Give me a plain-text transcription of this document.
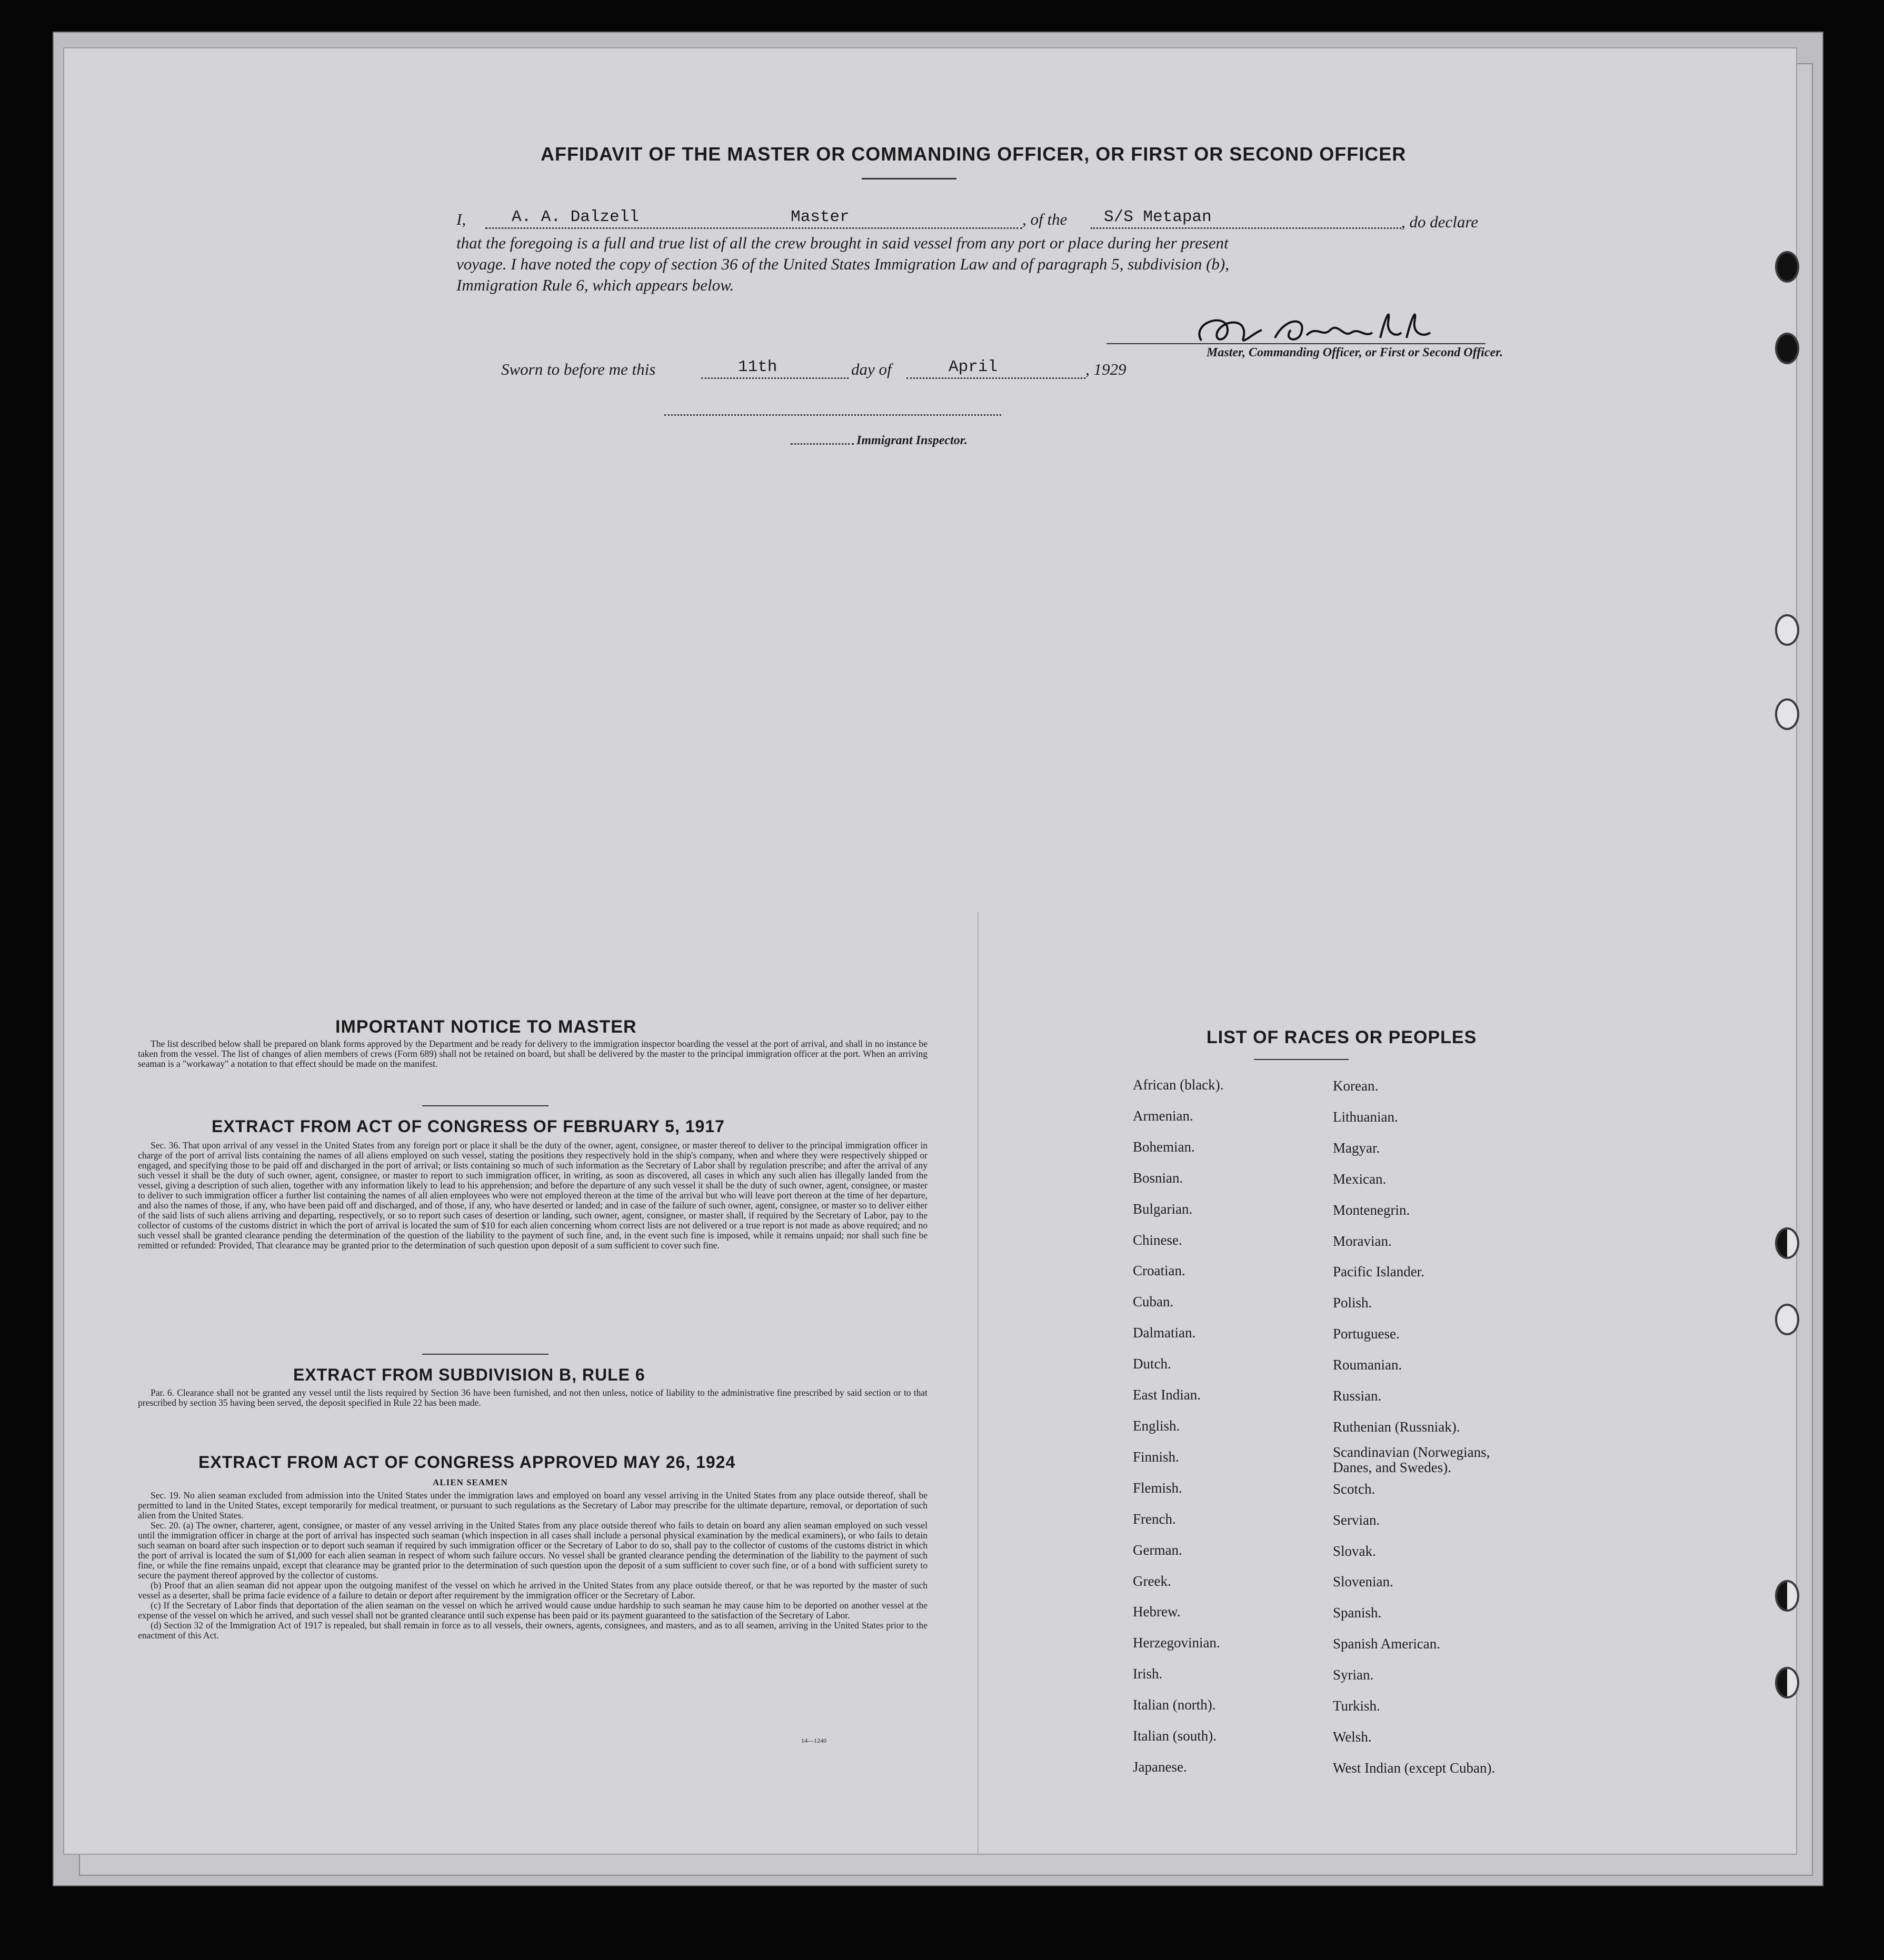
AFFIDAVIT OF THE MASTER OR COMMANDING OFFICER, OR FIRST OR SECOND OFFICER
I,	A. A. Dalzell	Master	, of the S/S Metapan	, do declare
that the foregoing is a full and true list of all the crew brought in said vessel from any port or place during her present
voyage. I have noted the copy of section 36 of the United States Immigration Law and of paragraph 5, subdivision (b),
Immigration Rule 6, which appears below.
Master, Commanding Officer, or First or Second Officer.
Sworn to before me this	11th	day of	April	, 1929
Immigrant Inspector.
IMPORTANT NOTICE TO MASTER

The list described below shall be prepared on blank forms approved by the Department and be ready for delivery to the immigration inspector boarding the vessel at the port of arrival, and shall in no instance be taken from the vessel. The list of changes of alien members of crews (Form 689) shall not be retained on board, but shall be delivered by the master to the principal immigration officer at the port. When an arriving seaman is a "workaway" a notation to that effect should be made on the manifest.

EXTRACT FROM ACT OF CONGRESS OF FEBRUARY 5, 1917

Sec. 36. That upon arrival of any vessel in the United States from any foreign port or place it shall be the duty of the owner, agent, consignee, or master thereof to deliver to the principal immigration officer in charge of the port of arrival lists containing the names of all aliens employed on such vessel, stating the positions they respectively hold in the ship's company, when and where they were respectively shipped or engaged, and specifying those to be paid off and discharged in the port of arrival; or lists containing so much of such information as the Secretary of Labor shall by regulation prescribe; and after the arrival of any such vessel it shall be the duty of such owner, agent, consignee, or master to report to such immigration officer, in writing, as soon as discovered, all cases in which any such alien has illegally landed from the vessel, giving a description of such alien, together with any information likely to lead to his apprehension; and before the departure of any such vessel it shall be the duty of such owner, agent, consignee, or master to deliver to such immigration officer a further list containing the names of all alien employees who were not employed thereon at the time of the arrival but who will leave port thereon at the time of her departure, and also the names of those, if any, who have been paid off and discharged, and of those, if any, who have deserted or landed; and in case of the failure of such owner, agent, consignee, or master so to deliver either of the said lists of such aliens arriving and departing, respectively, or so to report such cases of desertion or landing, such owner, agent, consignee, or master shall, if required by the Secretary of Labor, pay to the collector of customs of the customs district in which the port of arrival is located the sum of $10 for each alien concerning whom correct lists are not delivered or a true report is not made as above required; and no such vessel shall be granted clearance pending the determination of the question of the liability to the payment of such fine, and, in the event such fine is imposed, while it remains unpaid; nor shall such fine be remitted or refunded: Provided, That clearance may be granted prior to the determination of such question upon deposit of a sum sufficient to cover such fine.

EXTRACT FROM SUBDIVISION B, RULE 6

Par. 6. Clearance shall not be granted any vessel until the lists required by Section 36 have been furnished, and not then unless, notice of liability to the administrative fine prescribed by said section or to that prescribed by section 35 having been served, the deposit specified in Rule 22 has been made.

EXTRACT FROM ACT OF CONGRESS APPROVED MAY 26, 1924
ALIEN SEAMEN

Sec. 19. No alien seaman excluded from admission into the United States under the immigration laws and employed on board any vessel arriving in the United States from any place outside thereof, shall be permitted to land in the United States, except temporarily for medical treatment, or pursuant to such regulations as the Secretary of Labor may prescribe for the ultimate departure, removal, or deportation of such alien from the United States.

Sec. 20. (a) The owner, charterer, agent, consignee, or master of any vessel arriving in the United States from any place outside thereof who fails to detain on board any alien seaman employed on such vessel until the immigration officer in charge at the port of arrival has inspected such seaman (which inspection in all cases shall include a personal physical examination by the medical examiners), or who fails to detain such seaman on board after such inspection or to deport such seaman if required by such immigration officer or the Secretary of Labor to do so, shall pay to the collector of customs of the customs district in which the port of arrival is located the sum of $1,000 for each alien seaman in respect of whom such failure occurs. No vessel shall be granted clearance pending the determination of the liability to the payment of such fine, or while the fine remains unpaid, except that clearance may be granted prior to the determination of such question upon the deposit of a sum sufficient to cover such fine, or of a bond with sufficient surety to secure the payment thereof approved by the collector of customs.

(b) Proof that an alien seaman did not appear upon the outgoing manifest of the vessel on which he arrived in the United States from any place outside thereof, or that he was reported by the master of such vessel as a deserter, shall be prima facie evidence of a failure to detain or deport after requirement by the immigration officer or the Secretary of Labor.

(c) If the Secretary of Labor finds that deportation of the alien seaman on the vessel on which he arrived would cause undue hardship to such seaman he may cause him to be deported on another vessel at the expense of the vessel on which he arrived, and such vessel shall not be granted clearance until such expense has been paid or its payment guaranteed to the satisfaction of the Secretary of Labor.

(d) Section 32 of the Immigration Act of 1917 is repealed, but shall remain in force as to all vessels, their owners, agents, consignees, and masters, and as to all seamen, arriving in the United States prior to the enactment of this Act.

14—1240
LIST OF RACES OR PEOPLES
African (black).
Armenian.
Bohemian.
Bosnian.
Bulgarian.
Chinese.
Croatian.
Cuban.
Dalmatian.
Dutch.
East Indian.
English.
Finnish.
Flemish.
French.
German.
Greek.
Hebrew.
Herzegovinian.
Irish.
Italian (north).
Italian (south).
Japanese.
Korean.
Lithuanian.
Magyar.
Mexican.
Montenegrin.
Moravian.
Pacific Islander.
Polish.
Portuguese.
Roumanian.
Russian.
Ruthenian (Russniak).
Scandinavian (Norwegians,
Danes, and Swedes).
Scotch.
Servian.
Slovak.
Slovenian.
Spanish.
Spanish American.
Syrian.
Turkish.
Welsh.
West Indian (except Cuban).
